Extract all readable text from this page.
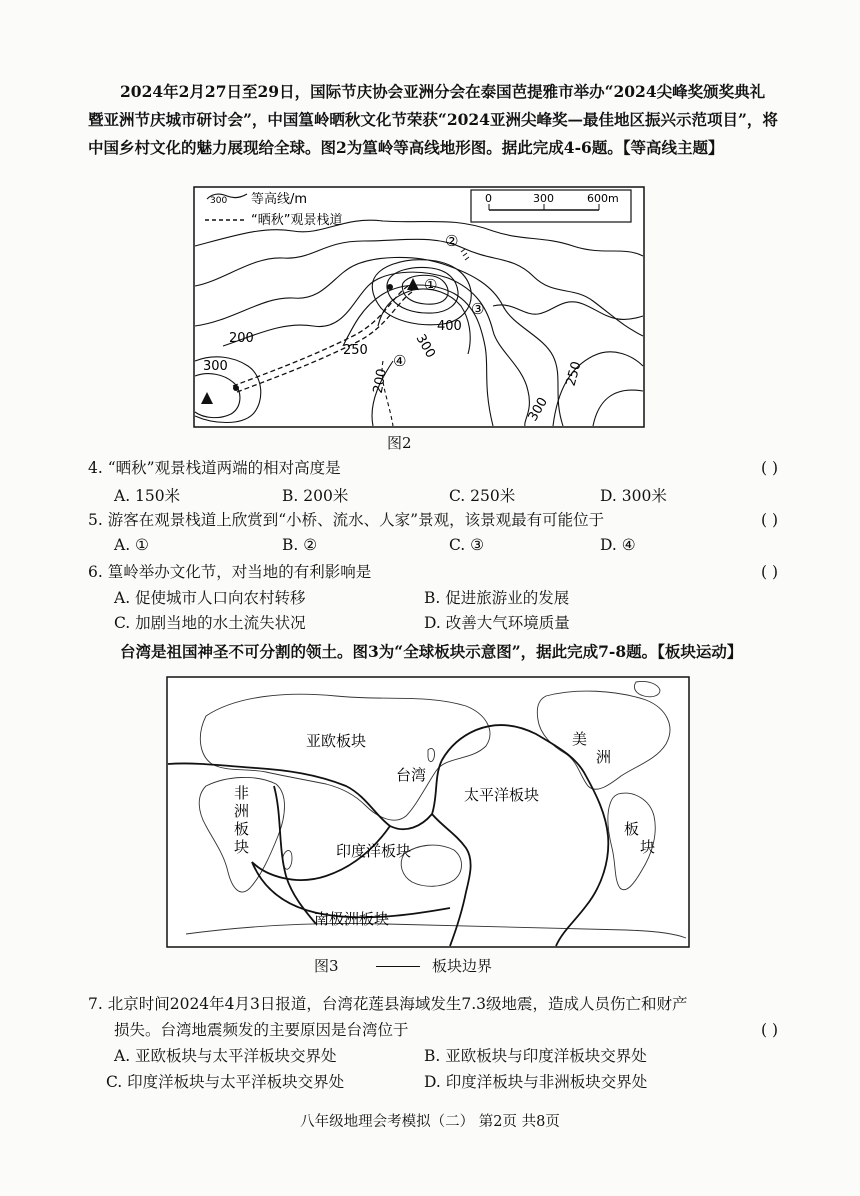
2024年2月27日至29日，国际节庆协会亚洲分会在泰国芭提雅市举办“2024尖峰奖颁奖典礼暨亚洲节庆城市研讨会”，中国篁岭晒秋文化节荣获“2024亚洲尖峰奖—最佳地区振兴示范项目”，将中国乡村文化的魅力展现给全球。图2为篁岭等高线地形图。据此完成4-6题。【等高线主题】

300 等高线/m
“晒秋”观景栈道
0	300	600m
200
300
250	300
400
200	250
300
①
②
③
④
图2
4. “晒秋”观景栈道两端的相对高度是	( )
A. 150米	B. 200米	C. 250米	D. 300米
5. 游客在观景栈道上欣赏到“小桥、流水、人家”景观，该景观最有可能位于	( )
A. ①	B. ②	C. ③	D. ④
6. 篁岭举办文化节，对当地的有利影响是	( )
A. 促使城市人口向农村转移	B. 促进旅游业的发展
C. 加剧当地的水土流失状况	D. 改善大气环境质量

台湾是祖国神圣不可分割的领土。图3为“全球板块示意图”，据此完成7-8题。【板块运动】

亚欧板块
台湾
太平洋板块
印度洋板块
南极洲板块
非
洲
板
块
美
洲
板
块
图3	板块边界
7. 北京时间2024年4月3日报道，台湾花莲县海域发生7.3级地震，造成人员伤亡和财产
损失。台湾地震频发的主要原因是台湾位于	( )
A. 亚欧板块与太平洋板块交界处	B. 亚欧板块与印度洋板块交界处
C. 印度洋板块与太平洋板块交界处	D. 印度洋板块与非洲板块交界处
八年级地理会考模拟（二） 第2页 共8页
